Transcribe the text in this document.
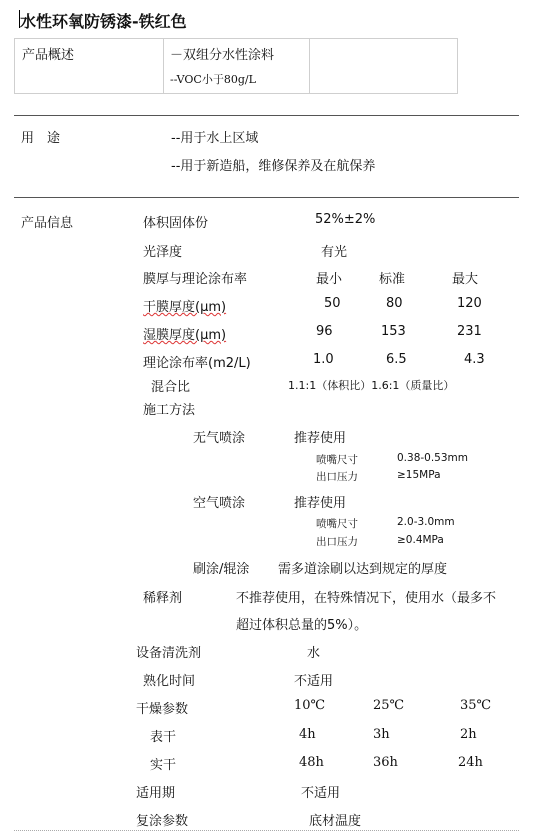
水性环氧防锈漆-铁红色
产品概述	－双组分水性涂料
--VOC小于80g/L
用　途	--用于水上区域
--用于新造船，维修保养及在航保养
产品信息	体积固体份	52%±2%
光泽度	有光
膜厚与理论涂布率	最小	标准	最大
干膜厚度(µm)	50	80	120
湿膜厚度(µm)	96	153	231
理论涂布率(m2/L)	1.0	6.5	4.3
混合比	1.1:1（体积比）1.6:1（质量比）
施工方法
无气喷涂	推荐使用
喷嘴尺寸	0.38-0.53mm
出口压力	≥15MPa
空气喷涂	推荐使用
喷嘴尺寸	2.0-3.0mm
出口压力	≥0.4MPa
刷涂/辊涂 需多道涂刷以达到规定的厚度
稀释剂	不推荐使用，在特殊情况下，使用水（最多不
超过体积总量的5%）。
设备清洗剂	水
熟化时间	不适用
干燥参数	10℃	25℃	35℃
表干	4h	3h	2h
实干	48h	36h	24h
适用期	不适用
复涂参数	底材温度
